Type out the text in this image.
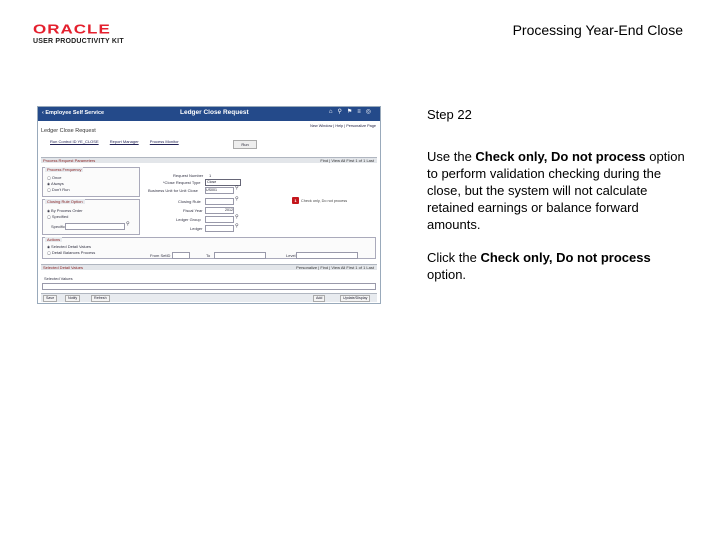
ORACLE
USER PRODUCTIVITY KIT
Processing Year-End Close
‹ Employee Self Service	Ledger Close Request	⌂⚲⚑≡◎
New Window | Help | Personalize Page
Ledger Close Request
Run Control ID YE_CLOSE	Report Manager	Process Monitor
Run
Process Request Parameters	Find | View All First 1 of 1 Last
Process Frequency
◯ Once
◉ Always
◯ Don't Run
Request Number 1
*Close Request Type	Close
Business Unit for Unit Close US001	⚲
Closing Rule Option
◉ By Process Order
◯ Specified
Specific	⚲
Closing Rule	⚲
Fiscal Year	2012
Ledger Group	⚲
Ledger	⚲
1	Check only, Do not process
Actions
◉ Selected Detail Values
◯ Detail Balances Process
From SetID	To	Level
Selected Detail Values	Personalize | Find | View All First 1 of 1 Last
Selected Values
Save	Notify	Refresh	Add	Update/Display
Step 22
Use the Check only, Do not process option to perform validation checking during the close, but the system will not calculate retained earnings or balance forward amounts.
Click the Check only, Do not process option.
